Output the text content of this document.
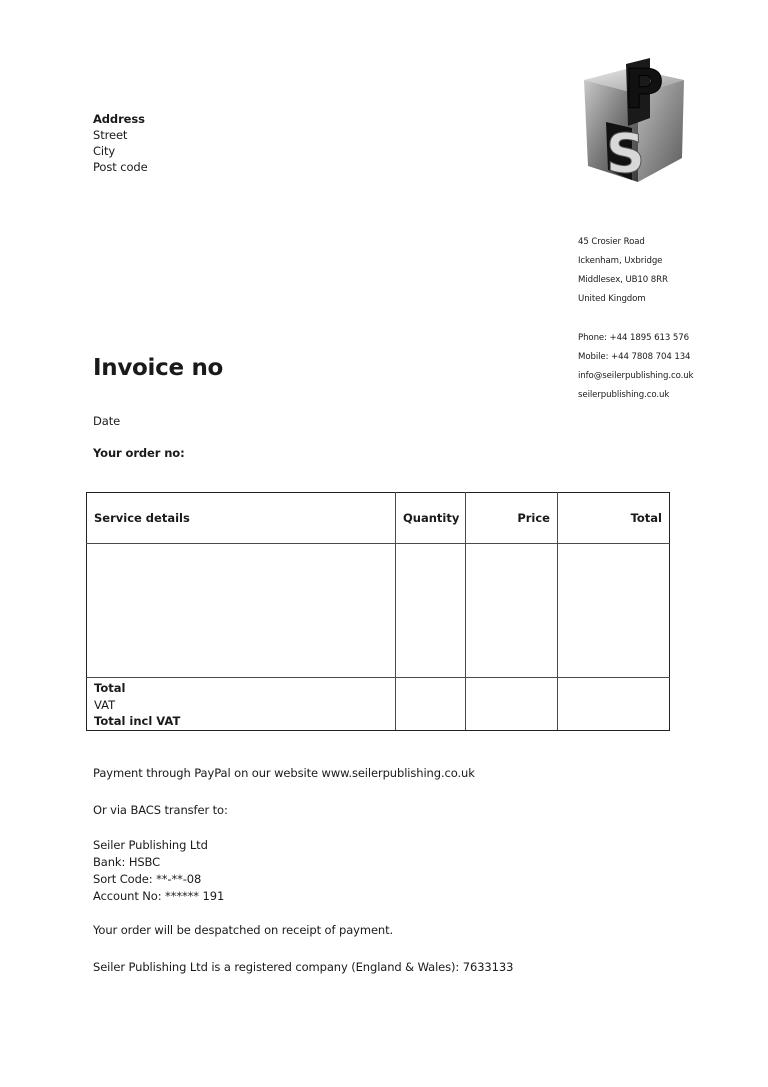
Address
Street
City
Post code	S
P
45 Crosier Road
Ickenham, Uxbridge
Middlesex, UB10 8RR
United Kingdom
Phone: +44 1895 613 576
Mobile: +44 7808 704 134
info@seilerpublishing.co.uk
seilerpublishing.co.uk
Invoice no
Date
Your order no:
Service details	Quantity	Price	Total

Total
VAT
Total incl VAT			

Payment through PayPal on our website www.seilerpublishing.co.uk
Or via BACS transfer to:
Seiler Publishing Ltd
Bank: HSBC
Sort Code: **-**-08
Account No: ****** 191
Your order will be despatched on receipt of payment.
Seiler Publishing Ltd is a registered company (England & Wales): 7633133
